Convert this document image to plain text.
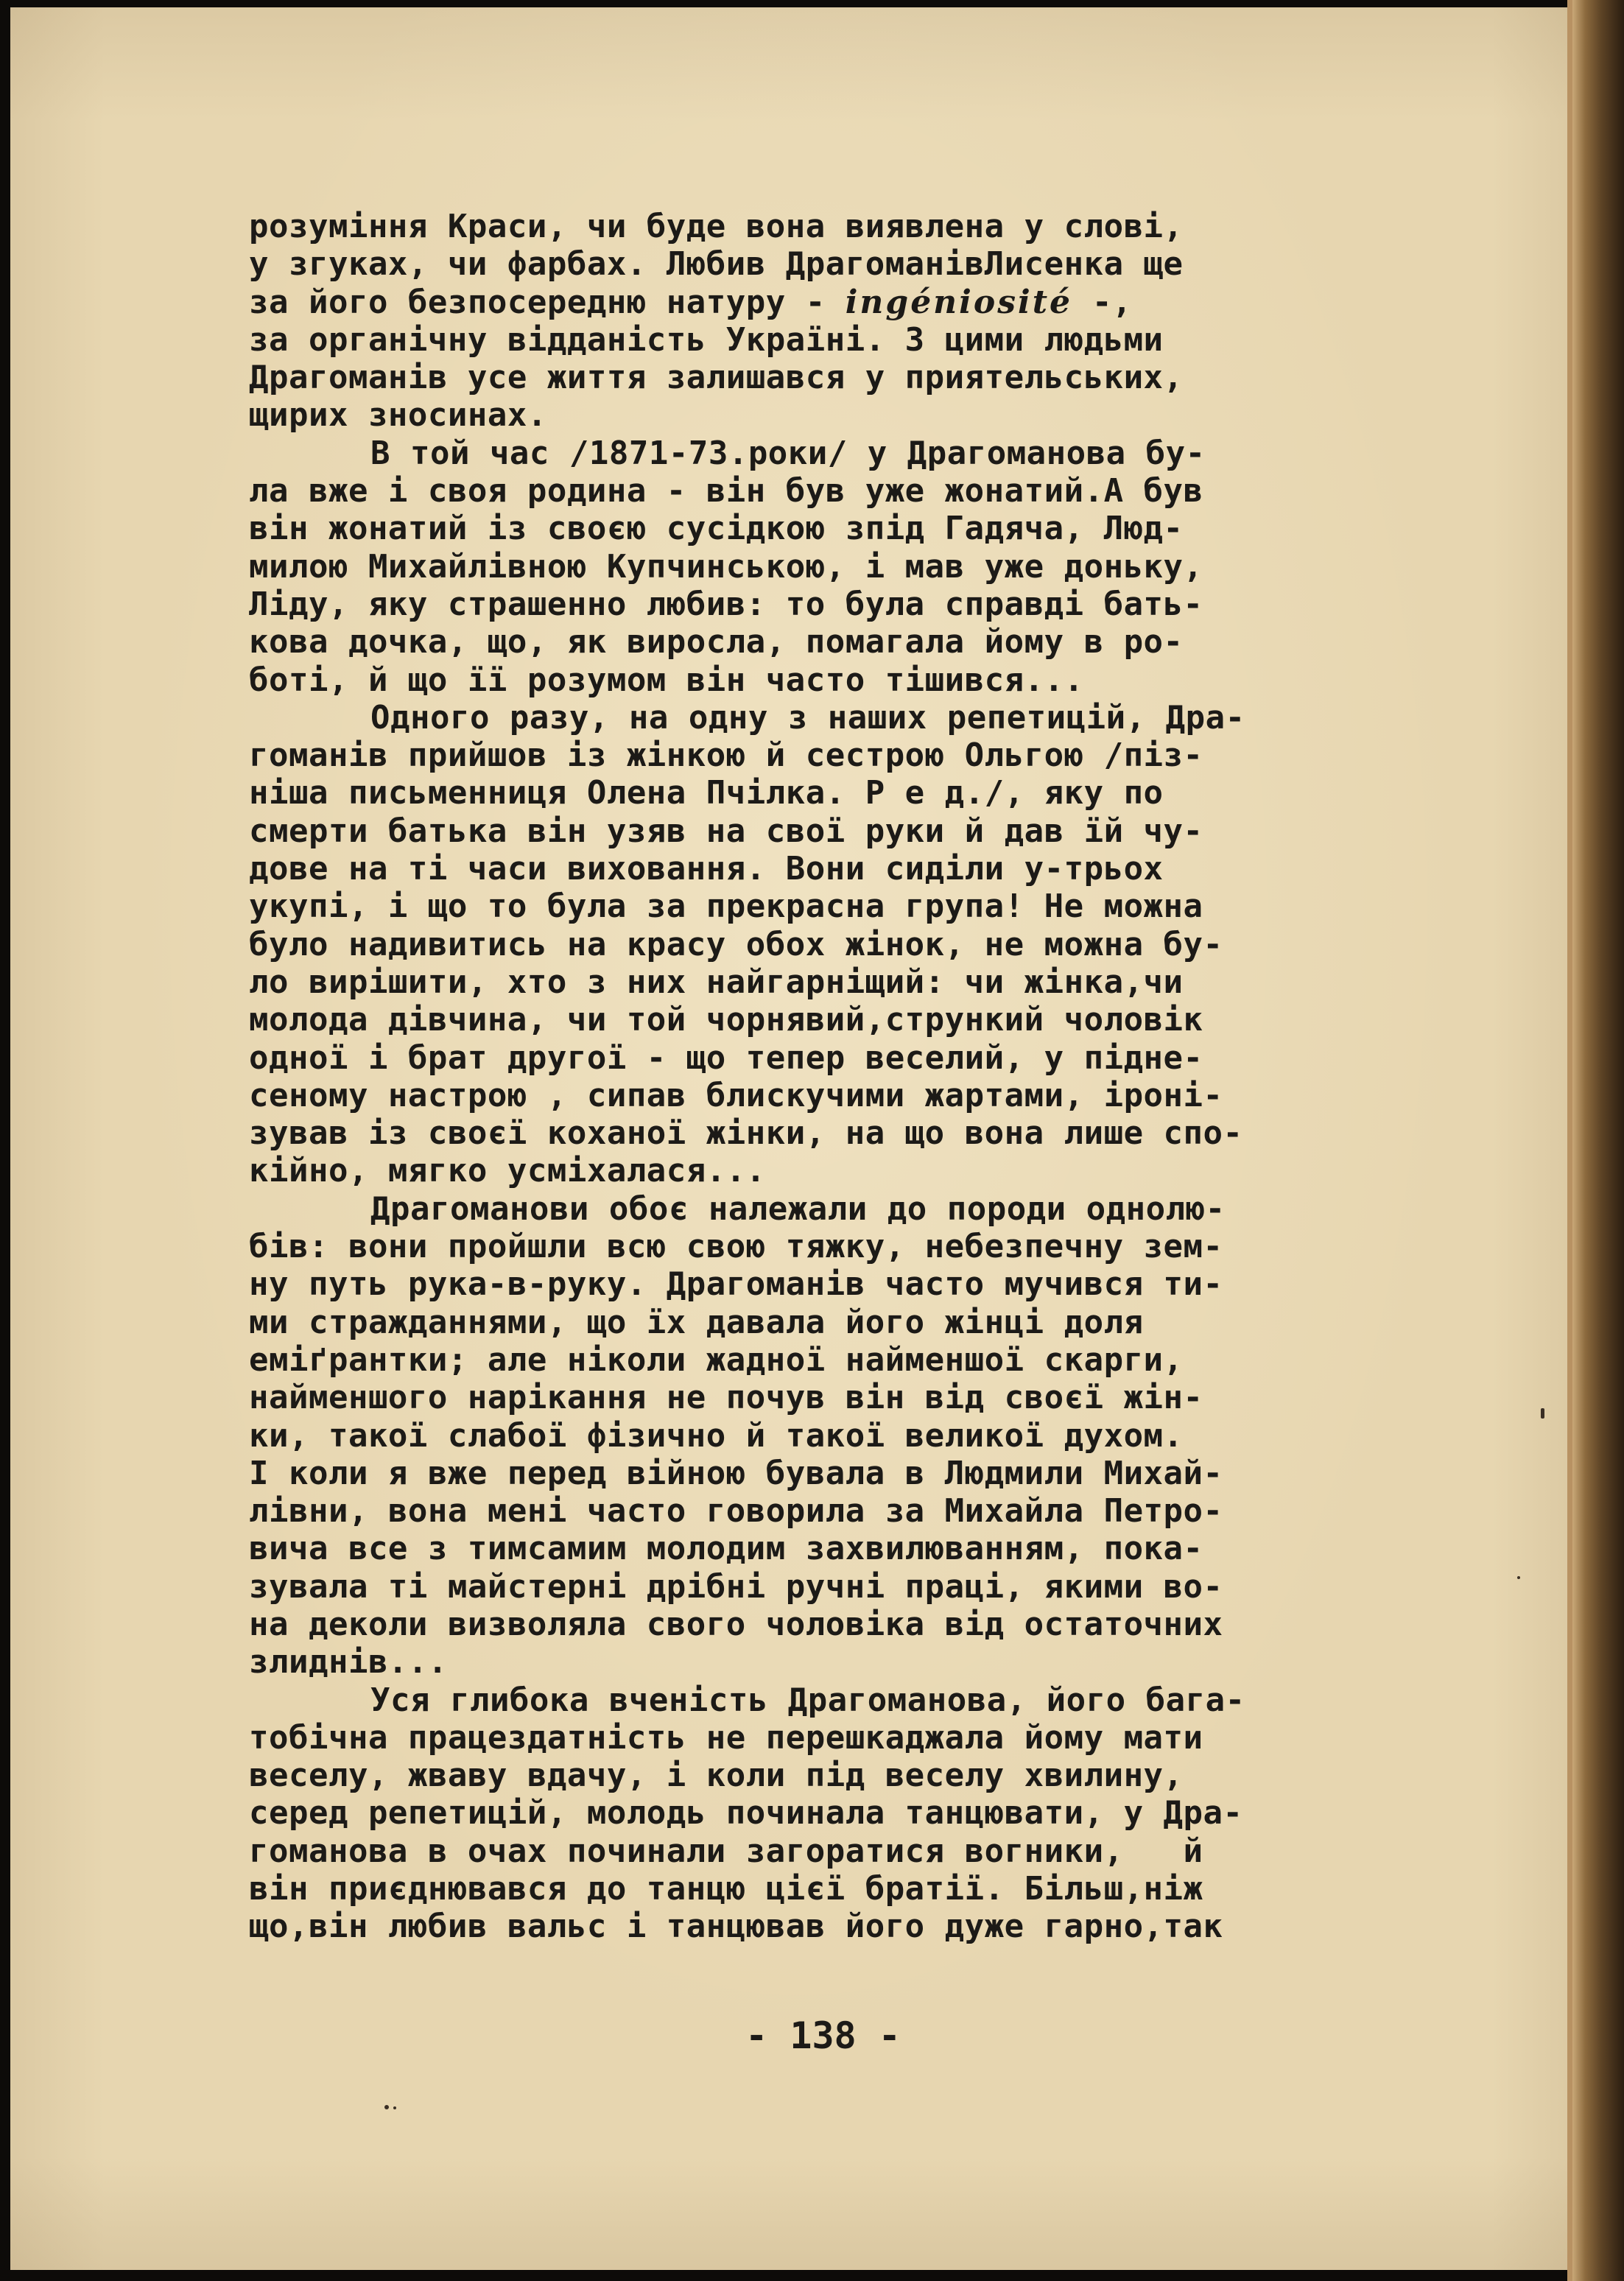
розуміння Краси, чи буде вона виявлена у слові,
у згуках, чи фарбах. Любив ДрагоманівЛисенка ще
за його безпосередню натуру - ingéniosité -,
за органічну відданість Україні. З цими людьми
Драгоманів усе життя залишався у приятельських,
щирих зносинах.
В той час /1871-73.роки/ у Драгоманова бу-
ла вже і своя родина - він був уже жонатий.А був
він жонатий із своєю сусідкою зпід Гадяча, Люд-
милою Михайлівною Купчинською, і мав уже доньку,
Ліду, яку страшенно любив: то була справді бать-
кова дочка, що, як виросла, помагала йому в ро-
боті, й що її розумом він часто тішився...
Одного разу, на одну з наших репетицій, Дра-
гоманів прийшов із жінкою й сестрою Ольгою /піз-
ніша письменниця Олена Пчілка. Р е д./, яку по
смерти батька він узяв на свої руки й дав їй чу-
дове на ті часи виховання. Вони сиділи у-трьох
укупі, і що то була за прекрасна група! Не можна
було надивитись на красу обох жінок, не можна бу-
ло вирішити, хто з них найгарніщий: чи жінка,чи
молода дівчина, чи той чорнявий,стрункий чоловік
одної і брат другої - що тепер веселий, у підне-
сеному настрою , сипав блискучими жартами, іроні-
зував із своєї коханої жінки, на що вона лише спо-
кійно, мягко усміхалася...
Драгоманови обоє належали до породи однолю-
бів: вони пройшли всю свою тяжку, небезпечну зем-
ну путь рука-в-руку. Драгоманів часто мучився ти-
ми стражданнями, що їх давала його жінці доля
еміґрантки; але ніколи жадної найменшої скарги,
найменшого нарікання не почув він від своєї жін-
ки, такої слабої фізично й такої великої духом.
І коли я вже перед війною бувала в Людмили Михай-
лівни, вона мені часто говорила за Михайла Петро-
вича все з тимсамим молодим захвилюванням, пока-
зувала ті майстерні дрібні ручні праці, якими во-
на деколи визволяла свого чоловіка від остаточних
злиднів...
Уся глибока вченість Драгоманова, його бага-
тобічна працездатність не перешкаджала йому мати
веселу, жваву вдачу, і коли під веселу хвилину,
серед репетицій, молодь починала танцювати, у Дра-
гоманова в очах починали загоратися вогники,   й
він приєднювався до танцю цієї братії. Більш,ніж
що,він любив вальс і танцював його дуже гарно,так
- 138 -
